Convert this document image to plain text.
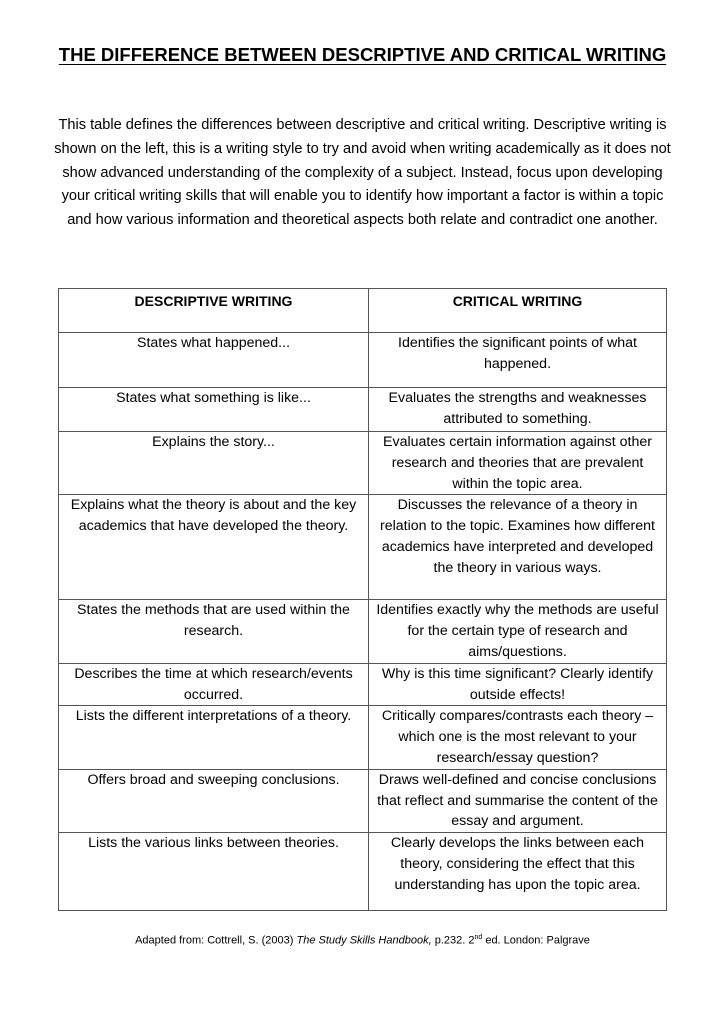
THE DIFFERENCE BETWEEN DESCRIPTIVE AND CRITICAL WRITING
This table defines the differences between descriptive and critical writing. Descriptive writing is shown on the left, this is a writing style to try and avoid when writing academically as it does not show advanced understanding of the complexity of a subject. Instead, focus upon developing your critical writing skills that will enable you to identify how important a factor is within a topic and how various information and theoretical aspects both relate and contradict one another.
DESCRIPTIVE WRITING	CRITICAL WRITING
States what happened...	Identifies the significant points of what happened.
States what something is like...	Evaluates the strengths and weaknesses attributed to something.
Explains the story...	Evaluates certain information against other research and theories that are prevalent within the topic area.
Explains what the theory is about and the key academics that have developed the theory.	Discusses the relevance of a theory in relation to the topic. Examines how different academics have interpreted and developed the theory in various ways.
States the methods that are used within the research.	Identifies exactly why the methods are useful for the certain type of research and aims/questions.
Describes the time at which research/events occurred.	Why is this time significant? Clearly identify outside effects!
Lists the different interpretations of a theory.	Critically compares/contrasts each theory – which one is the most relevant to your research/essay question?
Offers broad and sweeping conclusions.	Draws well-defined and concise conclusions that reflect and summarise the content of the essay and argument.
Lists the various links between theories.	Clearly develops the links between each theory, considering the effect that this understanding has upon the topic area.
Adapted from: Cottrell, S. (2003) The Study Skills Handbook, p.232. 2nd ed. London: Palgrave
